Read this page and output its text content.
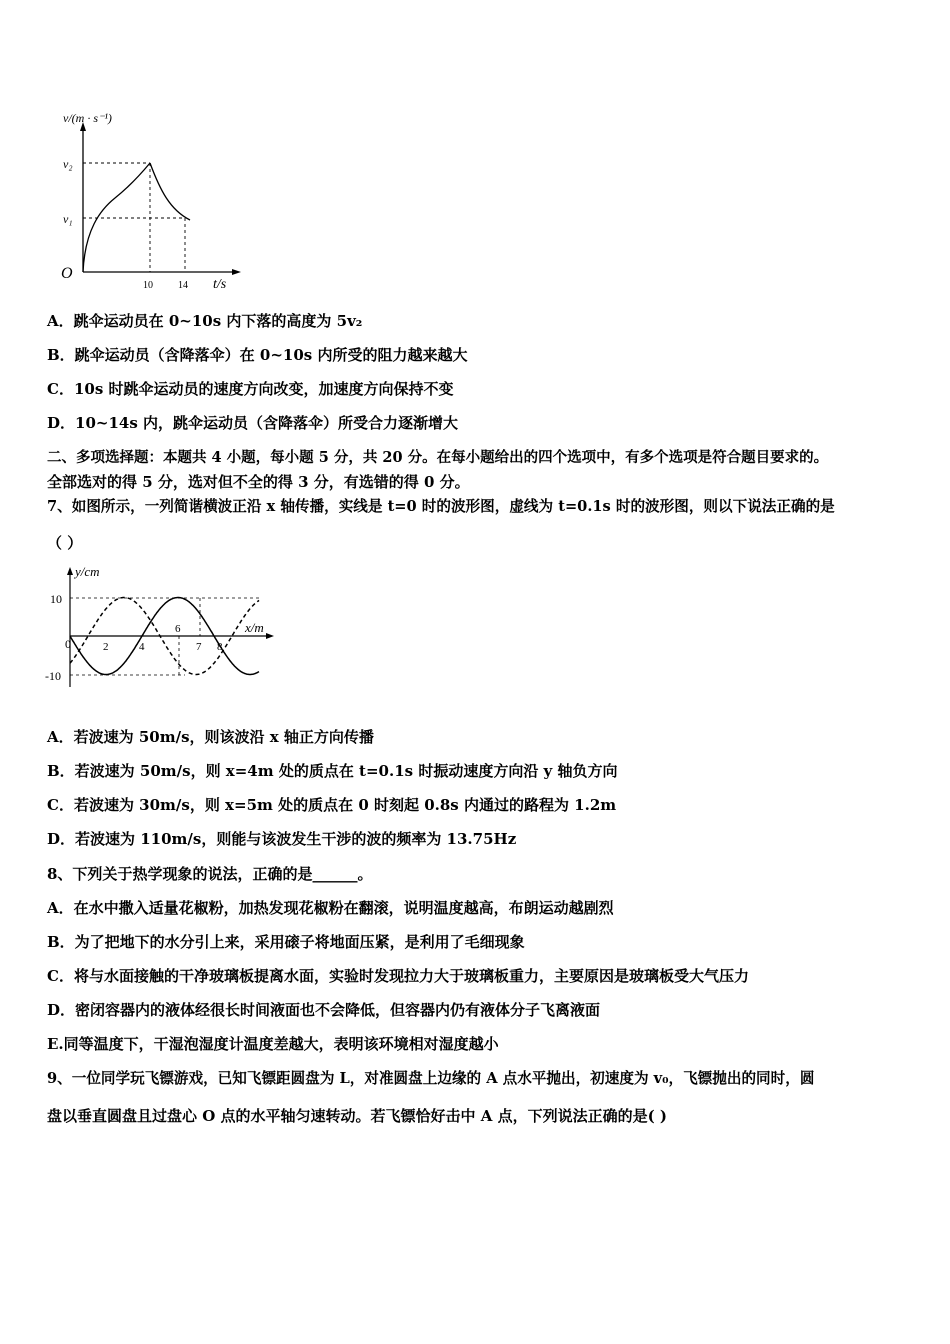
v/(m · s⁻¹)
v₂
v₁
O
t/s
10	14
A．跳伞运动员在 0~10s 内下落的高度为 5v₂
B．跳伞运动员（含降落伞）在 0~10s 内所受的阻力越来越大
C．10s 时跳伞运动员的速度方向改变，加速度方向保持不变
D．10~14s 内，跳伞运动员（含降落伞）所受合力逐渐增大
二、多项选择题：本题共 4 小题，每小题 5 分，共 20 分。在每小题给出的四个选项中，有多个选项是符合题目要求的。
全部选对的得 5 分，选对但不全的得 3 分，有选错的得 0 分。
7、如图所示，一列简谐横波正沿 x 轴传播，实线是 t=0 时的波形图，虚线为 t=0.1s 时的波形图，则以下说法正确的是
（ ）
y/cm
x/m
10
-10
0	2	4
6
7 8
A．若波速为 50m/s，则该波沿 x 轴正方向传播
B．若波速为 50m/s，则 x=4m 处的质点在 t=0.1s 时振动速度方向沿 y 轴负方向
C．若波速为 30m/s，则 x=5m 处的质点在 0 时刻起 0.8s 内通过的路程为 1.2m
D．若波速为 110m/s，则能与该波发生干涉的波的频率为 13.75Hz
8、下列关于热学现象的说法，正确的是______。
A．在水中撒入适量花椒粉，加热发现花椒粉在翻滚，说明温度越高，布朗运动越剧烈
B．为了把地下的水分引上来，采用磙子将地面压紧，是利用了毛细现象
C．将与水面接触的干净玻璃板提离水面，实验时发现拉力大于玻璃板重力，主要原因是玻璃板受大气压力
D．密闭容器内的液体经很长时间液面也不会降低，但容器内仍有液体分子飞离液面
E.同等温度下，干湿泡湿度计温度差越大，表明该环境相对湿度越小
9、一位同学玩飞镖游戏，已知飞镖距圆盘为 L，对准圆盘上边缘的 A 点水平抛出，初速度为 v₀，飞镖抛出的同时，圆
盘以垂直圆盘且过盘心 O 点的水平轴匀速转动。若飞镖恰好击中 A 点，下列说法正确的是( )
